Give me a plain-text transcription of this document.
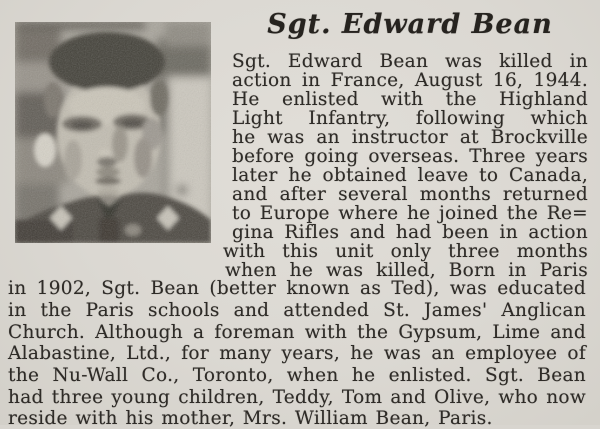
Sgt. Edward Bean
Sgt. Edward Bean was killed in
action in France, August 16, 1944.
He enlisted with the Highland
Light Infantry, following which
he was an instructor at Brockville
before going overseas. Three years
later he obtained leave to Canada,
and after several months returned
to Europe where he joined the Re=
gina Rifles and had been in action
with this unit only three months
when he was killed, Born in Paris
in 1902, Sgt. Bean (better known as Ted), was educated
in the Paris schools and attended St. James' Anglican
Church. Although a foreman with the Gypsum, Lime and
Alabastine, Ltd., for many years, he was an employee of
the Nu-Wall Co., Toronto, when he enlisted. Sgt. Bean
had three young children, Teddy, Tom and Olive, who now
reside with his mother, Mrs. William Bean, Paris.
